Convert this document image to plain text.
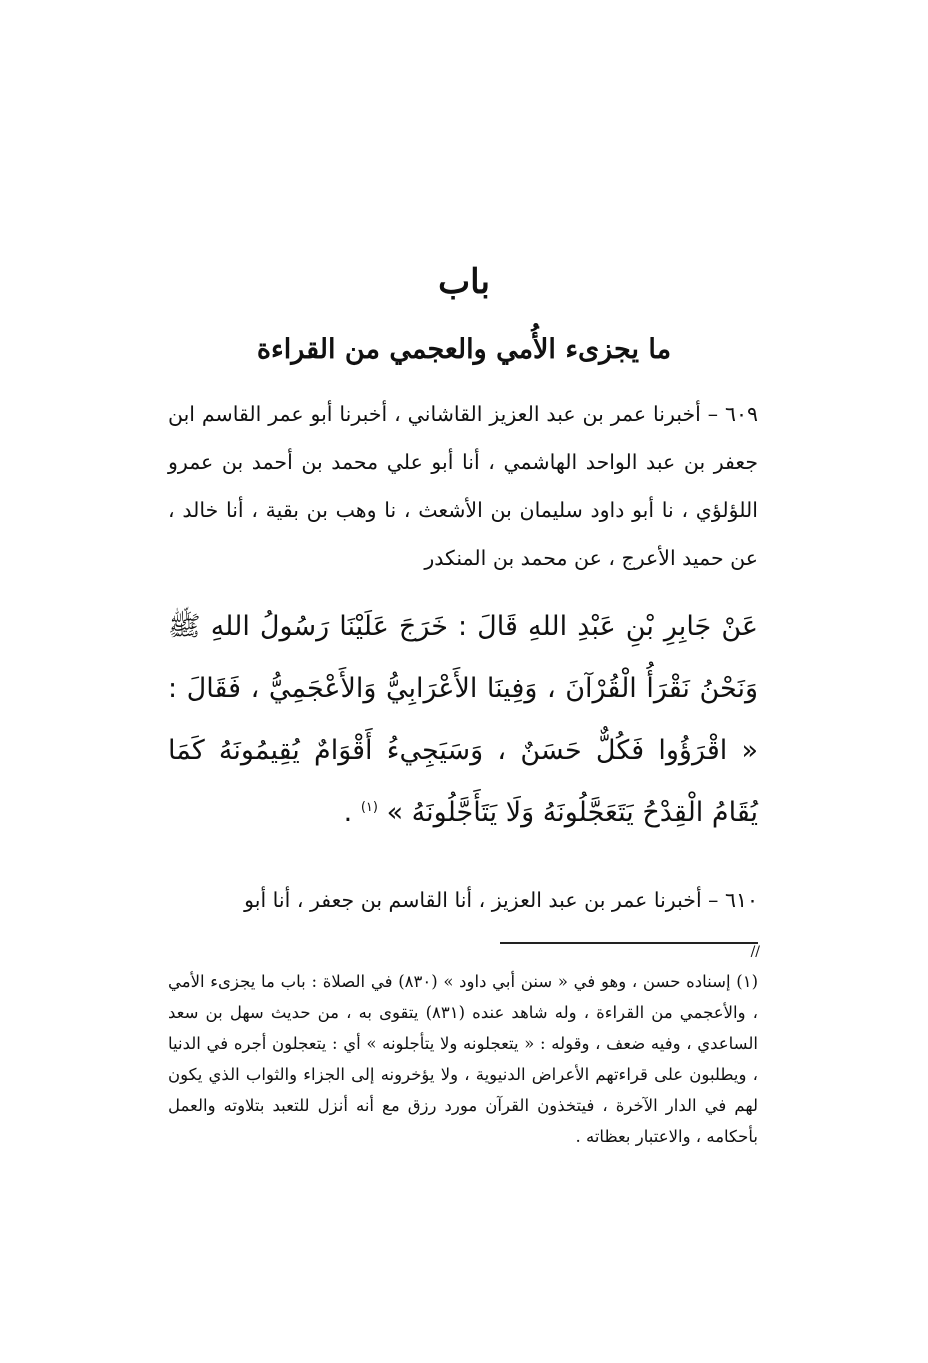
باب
ما يجزىء الأُمي والعجمي من القراءة
٦٠٩ – أخبرنا عمر بن عبد العزيز القاشاني ، أخبرنا أبو عمر القاسم ابن جعفر بن عبد الواحد الهاشمي ، أنا أبو علي محمد بن أحمد بن عمرو اللؤلؤي ، نا أبو داود سليمان بن الأشعث ، نا وهب بن بقية ، أنا خالد ، عن حميد الأعرج ، عن محمد بن المنكدر
عَنْ جَابِرِ بْنِ عَبْدِ اللهِ قَالَ : خَرَجَ عَلَيْنَا رَسُولُ اللهِ ﷺ وَنَحْنُ نَقْرَأُ الْقُرْآنَ ، وَفِينَا الأَعْرَابِيُّ وَالأَعْجَمِيُّ ، فَقَالَ : « اقْرَؤُوا فَكُلٌّ حَسَنٌ ، وَسَيَجِيءُ أَقْوَامٌ يُقِيمُونَهُ كَمَا يُقَامُ الْقِدْحُ يَتَعَجَّلُونَهُ وَلَا يَتَأَجَّلُونَهُ » $^{(١)}$ .
٦١٠ – أخبرنا عمر بن عبد العزيز ، أنا القاسم بن جعفر ، أنا أبو
//
(١) إسناده حسن ، وهو في « سنن أبي داود » (٨٣٠) في الصلاة : باب ما يجزىء الأمي ، والأعجمي من القراءة ، وله شاهد عنده (٨٣١) يتقوى به ، من حديث سهل بن سعد الساعدي ، وفيه ضعف ، وقوله : « يتعجلونه ولا يتأجلونه » أي : يتعجلون أجره في الدنيا ، ويطلبون على قراءتهم الأعراض الدنيوية ، ولا يؤخرونه إلى الجزاء والثواب الذي يكون لهم في الدار الآخرة ، فيتخذون القرآن مورد رزق مع أنه أنزل للتعبد بتلاوته والعمل بأحكامه ، والاعتبار بعظاته .
